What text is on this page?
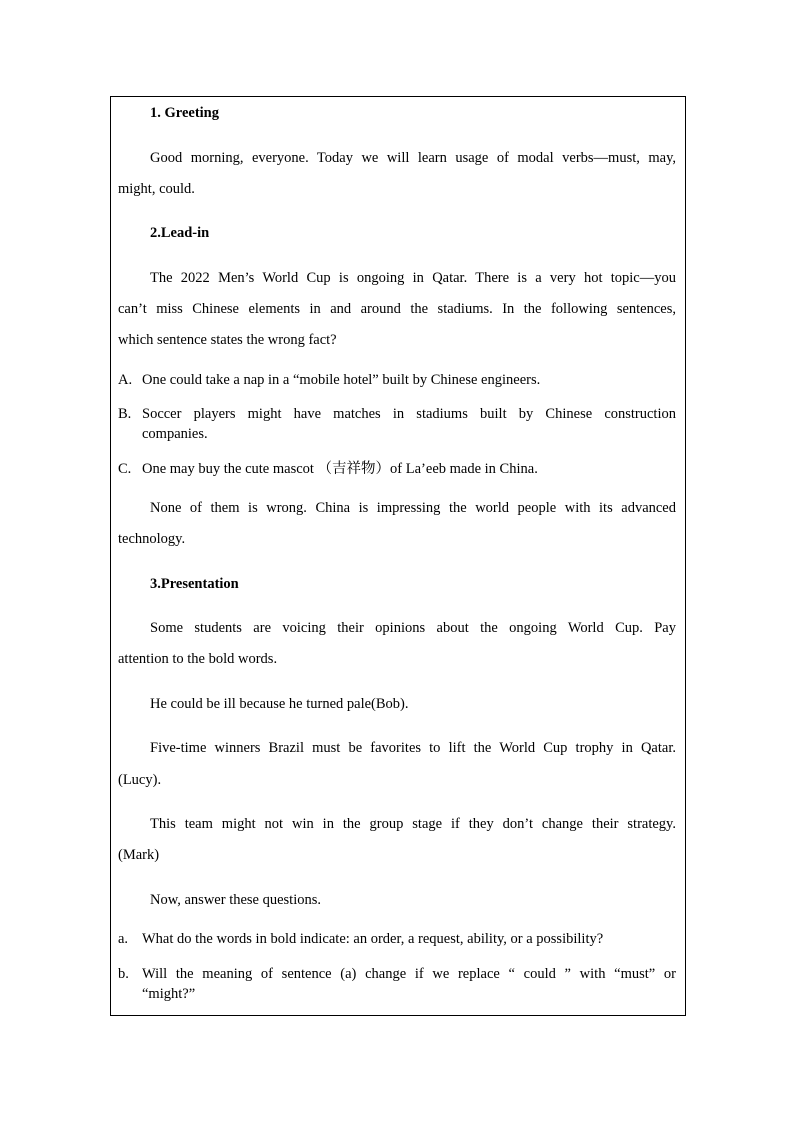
1. Greeting
Good morning, everyone. Today we will learn usage of modal verbs—must, may,
might, could.
2.Lead-in
The 2022 Men’s World Cup is ongoing in Qatar. There is a very hot topic—you
can’t miss Chinese elements in and around the stadiums. In the following sentences,
which sentence states the wrong fact?
A. One could take a nap in a “mobile hotel” built by Chinese engineers.
B. Soccer players might have matches in stadiums built by Chinese construction
companies.
C. One may buy the cute mascot （吉祥物）of La’eeb made in China.
None of them is wrong. China is impressing the world people with its advanced
technology.
3.Presentation
Some students are voicing their opinions about the ongoing World Cup. Pay
attention to the bold words.
He could be ill because he turned pale(Bob).
Five-time winners Brazil must be favorites to lift the World Cup trophy in Qatar.
(Lucy).
This team might not win in the group stage if they don’t change their strategy.
(Mark)
Now, answer these questions.
a. What do the words in bold indicate: an order, a request, ability, or a possibility?
b. Will the meaning of sentence (a) change if we replace “ could ” with “must” or
“might?”
